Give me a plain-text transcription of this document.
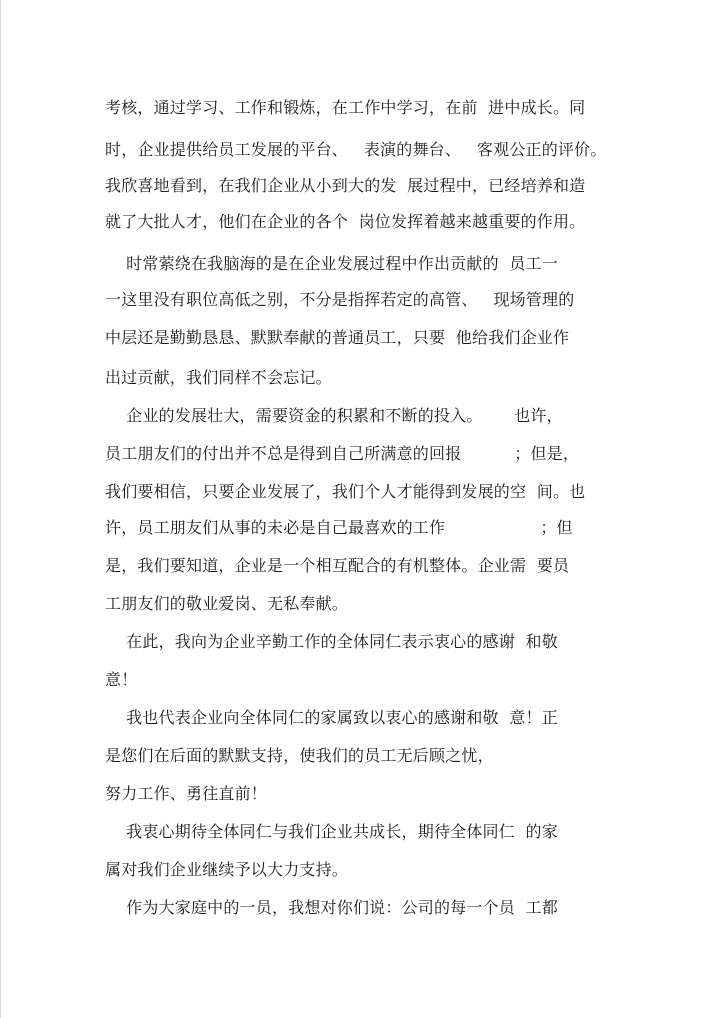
考核，通过学习、工作和锻炼，在工作中学习，在前  进中成长。同
时，企业提供给员工发展的平台、   表演的舞台、   客观公正的评价。
我欣喜地看到，在我们企业从小到大的发  展过程中，已经培养和造
就了大批人才，他们在企业的各个  岗位发挥着越来越重要的作用。
时常萦绕在我脑海的是在企业发展过程中作出贡献的  员工一
一这里没有职位高低之别，不分是指挥若定的高管、   现场管理的
中层还是勤勤恳恳、默默奉献的普通员工，只要  他给我们企业作
出过贡献，我们同样不会忘记。
企业的发展壮大，需要资金的积累和不断的投入。      也许，
员工朋友们的付出并不总是得到自己所满意的回报          ；但是，
我们要相信，只要企业发展了，我们个人才能得到发展的空  间。也
许，员工朋友们从事的未必是自己最喜欢的工作                  ；但
是，我们要知道，企业是一个相互配合的有机整体。企业需  要员
工朋友们的敬业爱岗、无私奉献。
在此，我向为企业辛勤工作的全体同仁表示衷心的感谢  和敬
意！
我也代表企业向全体同仁的家属致以衷心的感谢和敬  意！正
是您们在后面的默默支持，使我们的员工无后顾之忧，
努力工作、勇往直前！
我衷心期待全体同仁与我们企业共成长，期待全体同仁  的家
属对我们企业继续予以大力支持。
作为大家庭中的一员，我想对你们说：公司的每一个员  工都
